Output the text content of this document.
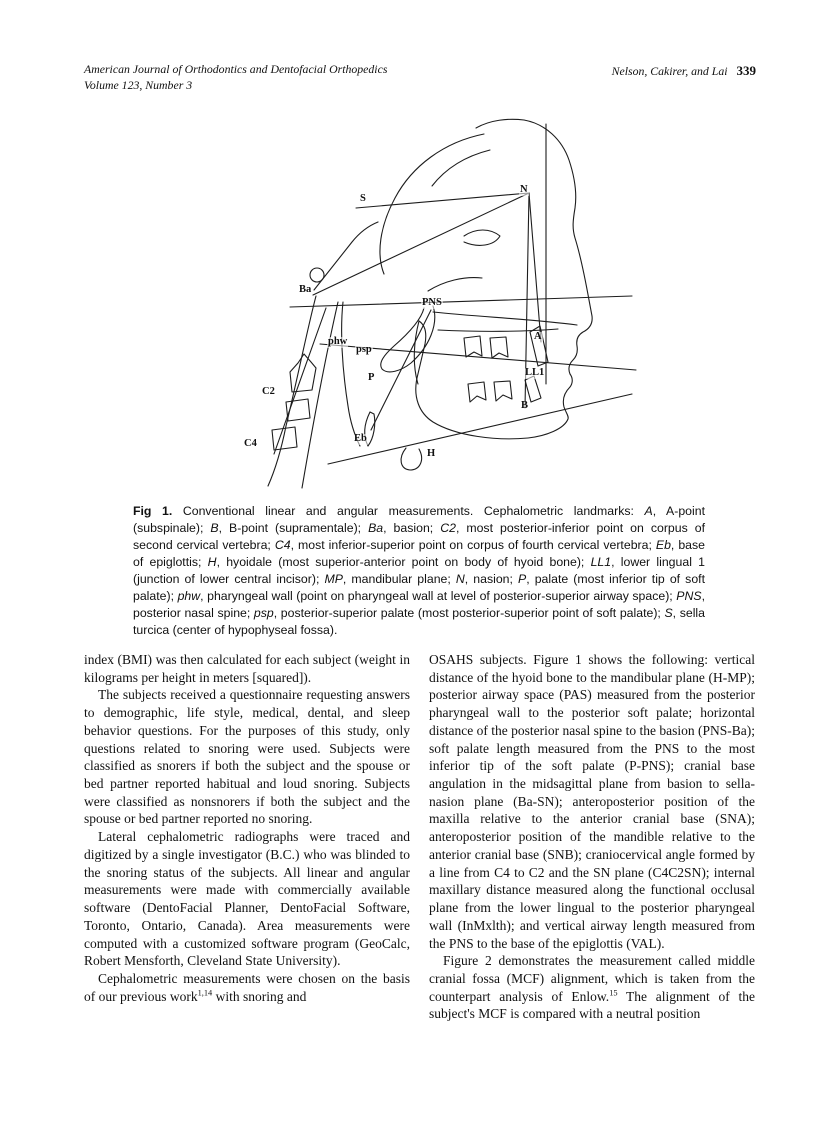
American Journal of Orthodontics and Dentofacial Orthopedics
Volume 123, Number 3
Nelson, Cakirer, and Lai 339
N
S
Ba
PNS
phw
psp
P
A
LL1
B
C2
C4	Eb
H
Fig 1. Conventional linear and angular measurements. Cephalometric landmarks: A, A-point (subspinale); B, B-point (supramentale); Ba, basion; C2, most posterior-inferior point on corpus of second cervical vertebra; C4, most inferior-superior point on corpus of fourth cervical vertebra; Eb, base of epiglottis; H, hyoidale (most superior-anterior point on body of hyoid bone); LL1, lower lingual 1 (junction of lower central incisor); MP, mandibular plane; N, nasion; P, palate (most inferior tip of soft palate); phw, pharyngeal wall (point on pharyngeal wall at level of posterior-superior airway space); PNS, posterior nasal spine; psp, posterior-superior palate (most posterior-superior point of soft palate); S, sella turcica (center of hypophyseal fossa).

index (BMI) was then calculated for each subject (weight in kilograms per height in meters [squared]).

The subjects received a questionnaire requesting answers to demographic, life style, medical, dental, and sleep behavior questions. For the purposes of this study, only questions related to snoring were used. Subjects were classified as snorers if both the subject and the spouse or bed partner reported habitual and loud snoring. Subjects were classified as nonsnorers if both the subject and the spouse or bed partner reported no snoring.

Lateral cephalometric radiographs were traced and digitized by a single investigator (B.C.) who was blinded to the snoring status of the subjects. All linear and angular measurements were made with commercially available software (DentoFacial Planner, DentoFacial Software, Toronto, Ontario, Canada). Area measurements were computed with a customized software program (GeoCalc, Robert Mensforth, Cleveland State University).

Cephalometric measurements were chosen on the basis of our previous work$^{1,14}$ with snoring and

OSAHS subjects. Figure 1 shows the following: vertical distance of the hyoid bone to the mandibular plane (H-MP); posterior airway space (PAS) measured from the posterior pharyngeal wall to the posterior soft palate; horizontal distance of the posterior nasal spine to the basion (PNS-Ba); soft palate length measured from the PNS to the most inferior tip of the soft palate (P-PNS); cranial base angulation in the midsagittal plane from basion to sella-nasion plane (Ba-SN); anteroposterior position of the maxilla relative to the anterior cranial base (SNA); anteroposterior position of the mandible relative to the anterior cranial base (SNB); craniocervical angle formed by a line from C4 to C2 and the SN plane (C4C2SN); internal maxillary distance measured along the functional occlusal plane from the lower lingual to the posterior pharyngeal wall (InMxlth); and vertical airway length measured from the PNS to the base of the epiglottis (VAL).

Figure 2 demonstrates the measurement called middle cranial fossa (MCF) alignment, which is taken from the counterpart analysis of Enlow.$^{15}$ The alignment of the subject's MCF is compared with a neutral position
